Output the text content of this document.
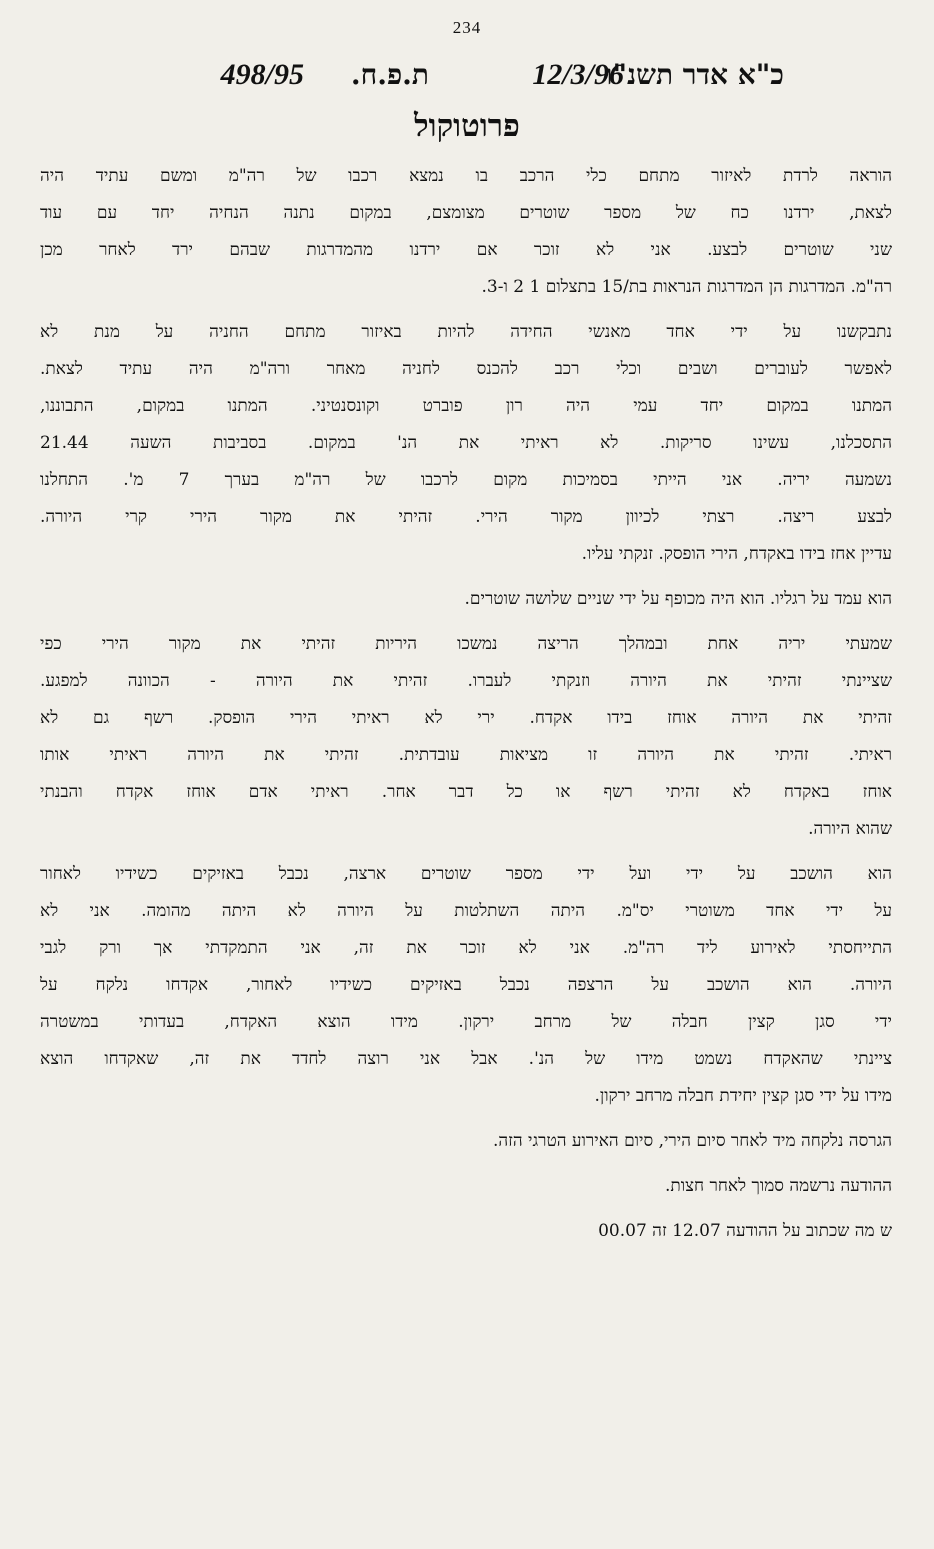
234
כ"א אדר תשנ"ו
12/3/96
ת.פ.ח.
498/95
פרוטוקול
הוראה לרדת לאיזור מתחם כלי הרכב בו נמצא רכבו של רה"מ ומשם עתיד היה
לצאת, ירדנו כח של מספר שוטרים מצומצם, במקום נתנה הנחיה יחד עם עוד
שני שוטרים לבצע. אני לא זוכר אם ירדנו מהמדרגות שבהם ירד לאחר מכן
רה"מ. המדרגות הן המדרגות הנראות בת/15 בתצלום 1 2 ו-3.
נתבקשנו על ידי אחד מאנשי החידה להיות באיזור מתחם החניה על מנת לא
לאפשר לעוברים ושבים וכלי רכב להכנס לחניה מאחר ורה"מ היה עתיד לצאת.
המתנו במקום יחד עמי היה רון פוברט וקונסנטיני. המתנו במקום, התבוננו,
התסכלנו, עשינו סריקות. לא ראיתי את הנ' במקום. בסביבות השעה 21.44
נשמעה יריה. אני הייתי בסמיכות מקום לרכבו של רה"מ בערך 7 מ'. התחלנו
לבצע ריצה. רצתי לכיוון מקור הירי. זהיתי את מקור הירי קרי היורה.
עדיין אחז בידו באקדח, הירי הופסק. זנקתי עליו.
הוא עמד על רגליו. הוא היה מכופף על ידי שניים שלושה שוטרים.
שמעתי יריה אחת ובמהלך הריצה נמשכו היריות זהיתי את מקור הירי כפי
שציינתי זהיתי את היורה וזנקתי לעברו. זהיתי את היורה - הכוונה למפגע.
זהיתי את היורה אוחז בידו אקדח. ירי לא ראיתי הירי הופסק. רשף גם לא
ראיתי. זהיתי את היורה זו מציאות עובדתית. זהיתי את היורה ראיתי אותו
אוחז באקדח לא זהיתי רשף או כל דבר אחר. ראיתי אדם אוחז אקדח והבנתי
שהוא היורה.
הוא הושכב על ידי ועל ידי מספר שוטרים ארצה, נכבל באזיקים כשידיו לאחור
על ידי אחד משוטרי יס"מ. היתה השתלטות על היורה לא היתה מהומה. אני לא
התייחסתי לאירוע ליד רה"מ. אני לא זוכר את זה, אני התמקדתי אך ורק לגבי
היורה. הוא הושכב על הרצפה נכבל באזיקים כשידיו לאחור, אקדחו נלקח על
ידי סגן קצין חבלה של מרחב ירקון. מידו הוצא האקדח, בעדותי במשטרה
ציינתי שהאקדח נשמט מידו של הנ'. אבל אני רוצה לחדד את זה, שאקדחו הוצא
מידו על ידי סגן קצין יחידת חבלה מרחב ירקון.
הגרסה נלקחה מיד לאחר סיום הירי, סיום האירוע הטרגי הזה.
ההודעה נרשמה סמוך לאחר חצות.
ש מה שכתוב על ההודעה 12.07 זה 00.07
